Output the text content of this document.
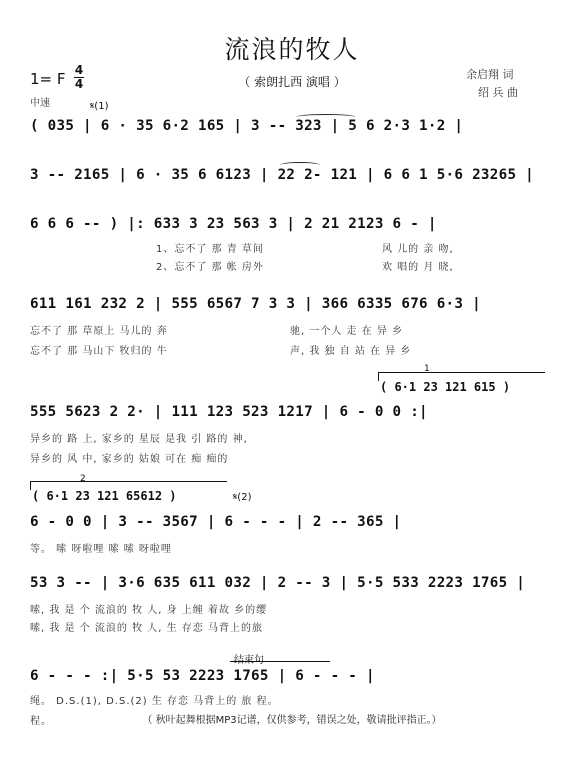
流浪的牧人
（ 索朗扎西 演唱 ）
余启翔 词
绍 兵 曲
1= F 4
4
中速	𝄋(1)
( 035 | 6 · 35 6·2 165 | 3 -- 323 | 5 6 2·3 1·2 |
3 -- 2165 | 6 · 35 6 6123 | 22 2- 121 | 6 6 1 5·6 23265 |
6 6 6 -- ) |: 633 3 23 563 3 | 2 21 2123 6 - |
1、忘不了 那 青 草间	风 儿的 亲 吻,
2、忘不了 那 帐 房外	欢 唱的 月 晓,
611 161 232 2 | 555 6567 7 3 3 | 366 6335 676 6·3 |
忘不了 那 草原上 马儿的 奔	驰, 一个人 走 在 异 乡
忘不了 那 马山下 牧归的 牛	声, 我 独 自 站 在 异 乡
1
( 6·1 23 121 615 )
555 5623 2 2· | 111 123 523 1217 | 6 - 0 0 :|
异乡的 路 上, 家乡的 星辰 是我 引 路的 神,
异乡的 风 中, 家乡的 姑娘 可在 痴 痴的
2
( 6·1 23 121 65612 )	𝄋(2)
6 - 0 0 | 3 -- 3567 | 6 - - - | 2 -- 365 |
等。 嗦 呀啦哩 嗦 嗦 呀啦哩
53 3 -- | 3·6 635 611 032 | 2 -- 3 | 5·5 533 2223 1765 |
嗦, 我 是 个 流浪的 牧 人, 身 上缠 着故 乡的缨
嗦, 我 是 个 流浪的 牧 人, 生 存恋 马背上的旅
结束句
6 - - - :| 5·5 53 2223 1765 | 6 - - - |
绳。 D.S.(1), D.S.(2) 生 存恋 马背上的 旅 程。
程。	（ 秋叶起舞根据MP3记谱，仅供参考，错误之处，敬请批评指正。）
